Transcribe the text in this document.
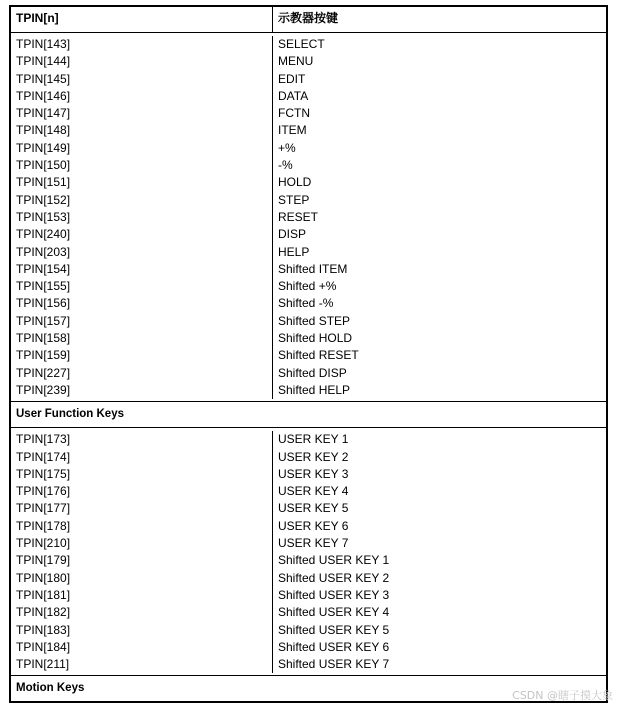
TPIN[n]	示教器按键
TPIN[143]
TPIN[144]
TPIN[145]
TPIN[146]
TPIN[147]
TPIN[148]
TPIN[149]
TPIN[150]
TPIN[151]
TPIN[152]
TPIN[153]
TPIN[240]
TPIN[203]
TPIN[154]
TPIN[155]
TPIN[156]
TPIN[157]
TPIN[158]
TPIN[159]
TPIN[227]
TPIN[239]
SELECT
MENU
EDIT
DATA
FCTN
ITEM
+%
-%
HOLD
STEP
RESET
DISP
HELP
Shifted ITEM
Shifted +%
Shifted -%
Shifted STEP
Shifted HOLD
Shifted RESET
Shifted DISP
Shifted HELP
User Function Keys
TPIN[173]
TPIN[174]
TPIN[175]
TPIN[176]
TPIN[177]
TPIN[178]
TPIN[210]
TPIN[179]
TPIN[180]
TPIN[181]
TPIN[182]
TPIN[183]
TPIN[184]
TPIN[211]
USER KEY 1
USER KEY 2
USER KEY 3
USER KEY 4
USER KEY 5
USER KEY 6
USER KEY 7
Shifted USER KEY 1
Shifted USER KEY 2
Shifted USER KEY 3
Shifted USER KEY 4
Shifted USER KEY 5
Shifted USER KEY 6
Shifted USER KEY 7
Motion Keys
CSDN @瞎子摸大象
